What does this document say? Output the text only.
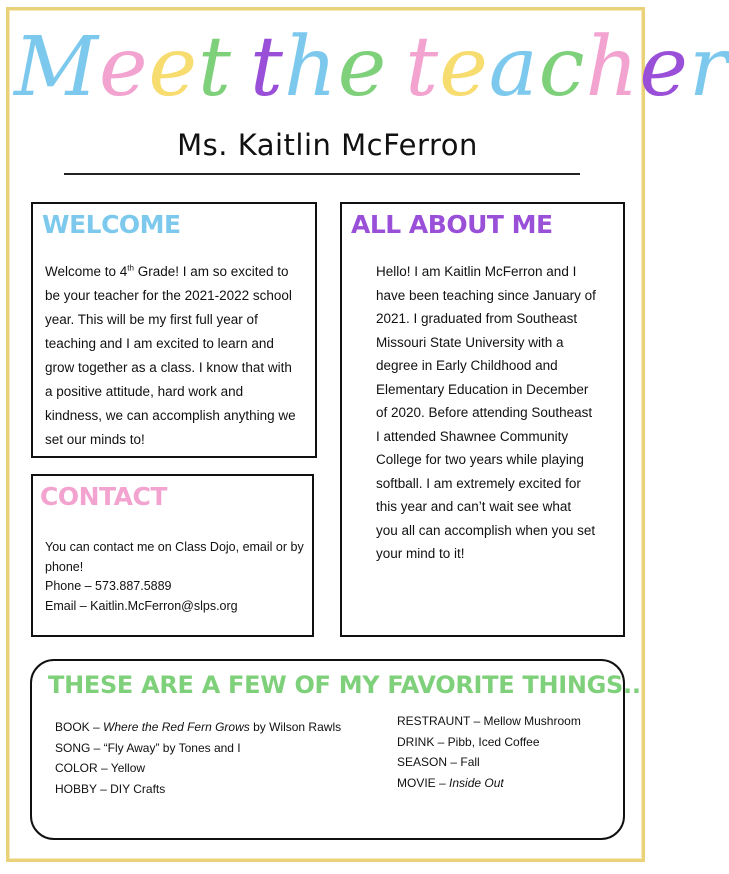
Meet the teacher
Ms. Kaitlin McFerron
WELCOME
Welcome to 4th Grade! I am so excited to be your teacher for the 2021-2022 school year. This will be my first full year of teaching and I am excited to learn and grow together as a class. I know that with a positive attitude, hard work and kindness, we can accomplish anything we set our minds to!
ALL ABOUT ME
Hello! I am Kaitlin McFerron and I have been teaching since January of 2021. I graduated from Southeast Missouri State University with a degree in Early Childhood and Elementary Education in December of 2020. Before attending Southeast I attended Shawnee Community College for two years while playing softball. I am extremely excited for this year and can’t wait see what you all can accomplish when you set your mind to it!
CONTACT
You can contact me on Class Dojo, email or by phone!
Phone – 573.887.5889
Email – Kaitlin.McFerron@slps.org
THESE ARE A FEW OF MY FAVORITE THINGS..
BOOK – Where the Red Fern Grows by Wilson Rawls
SONG – “Fly Away” by Tones and I
COLOR – Yellow
HOBBY – DIY Crafts
RESTRAUNT – Mellow Mushroom
DRINK – Pibb, Iced Coffee
SEASON – Fall
MOVIE – Inside Out
